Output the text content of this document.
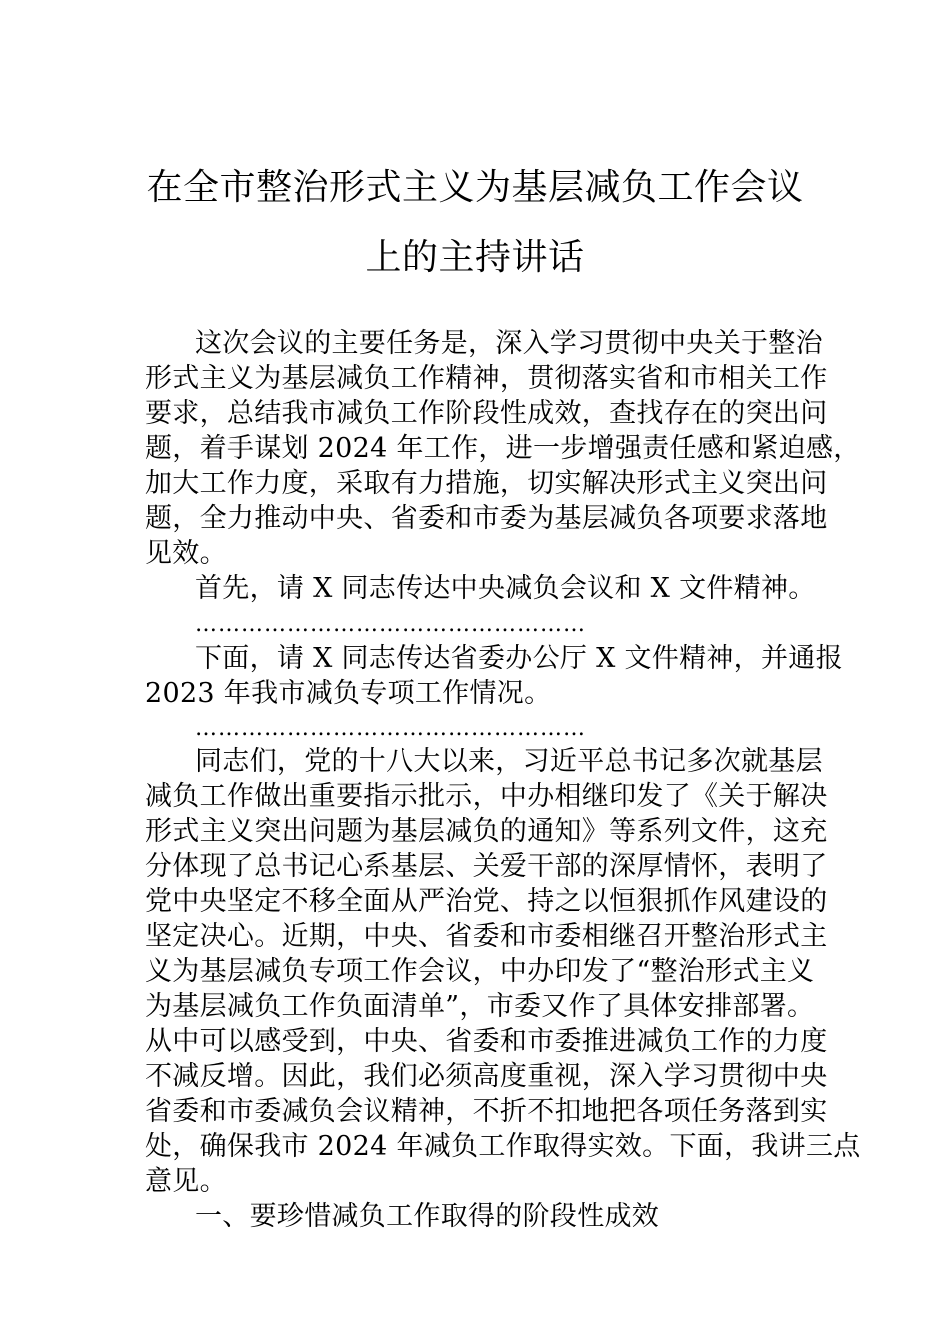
在全市整治形式主义为基层减负工作会议
上的主持讲话

这次会议的主要任务是，深入学习贯彻中央关于整治

形式主义为基层减负工作精神，贯彻落实省和市相关工作

要求，总结我市减负工作阶段性成效，查找存在的突出问

题，着手谋划 2024 年工作，进一步增强责任感和紧迫感，

加大工作力度，采取有力措施，切实解决形式主义突出问

题，全力推动中央、省委和市委为基层减负各项要求落地

见效。

首先，请 X 同志传达中央减负会议和 X 文件精神。

……………………………………………

下面，请 X 同志传达省委办公厅 X 文件精神，并通报

2023 年我市减负专项工作情况。

……………………………………………

同志们，党的十八大以来，习近平总书记多次就基层

减负工作做出重要指示批示，中办相继印发了《关于解决

形式主义突出问题为基层减负的通知》等系列文件，这充

分体现了总书记心系基层、关爱干部的深厚情怀，表明了

党中央坚定不移全面从严治党、持之以恒狠抓作风建设的

坚定决心。近期，中央、省委和市委相继召开整治形式主

义为基层减负专项工作会议，中办印发了“整治形式主义

为基层减负工作负面清单”，市委又作了具体安排部署。

从中可以感受到，中央、省委和市委推进减负工作的力度

不减反增。因此，我们必须高度重视，深入学习贯彻中央

省委和市委减负会议精神，不折不扣地把各项任务落到实

处，确保我市 2024 年减负工作取得实效。下面，我讲三点

意见。

一、要珍惜减负工作取得的阶段性成效
